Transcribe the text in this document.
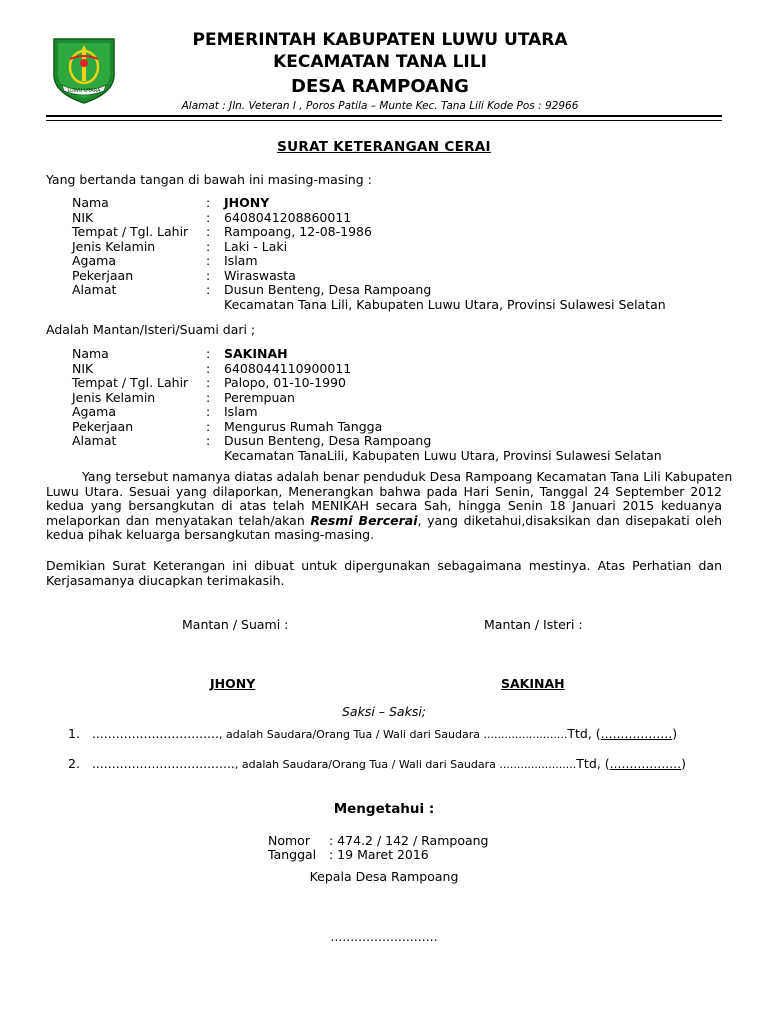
LUWU UTARA
PEMERINTAH KABUPATEN LUWU UTARA
KECAMATAN TANA LILI
DESA RAMPOANG
Alamat : Jln. Veteran I , Poros Patila – Munte Kec. Tana Lili Kode Pos : 92966
SURAT KETERANGAN CERAI
Yang bertanda tangan di bawah ini masing-masing :
Nama	: JHONY
NIK	: 6408041208860011
Tempat / Tgl. Lahir : Rampoang, 12-08-1986
Jenis Kelamin	: Laki - Laki
Agama	: Islam
Pekerjaan	: Wiraswasta
Alamat	: Dusun Benteng, Desa Rampoang
Kecamatan Tana Lili, Kabupaten Luwu Utara, Provinsi Sulawesi Selatan
Adalah Mantan/Isteri/Suami dari ;
Nama	: SAKINAH
NIK	: 6408044110900011
Tempat / Tgl. Lahir : Palopo, 01-10-1990
Jenis Kelamin	: Perempuan
Agama	: Islam
Pekerjaan	: Mengurus Rumah Tangga
Alamat	: Dusun Benteng, Desa Rampoang
Kecamatan TanaLili, Kabupaten Luwu Utara, Provinsi Sulawesi Selatan
Yang tersebut namanya diatas adalah benar penduduk Desa Rampoang Kecamatan Tana Lili Kabupaten
Luwu Utara. Sesuai yang dilaporkan, Menerangkan bahwa pada Hari Senin, Tanggal 24 September 2012
kedua yang bersangkutan di atas telah MENIKAH secara Sah, hingga Senin 18 Januari 2015 keduanya
melaporkan dan menyatakan telah/akan Resmi Bercerai, yang diketahui,disaksikan dan disepakati oleh
kedua pihak keluarga bersangkutan masing-masing.
Demikian Surat Keterangan ini dibuat untuk dipergunakan sebagaimana mestinya. Atas Perhatian dan
Kerjasamanya diucapkan terimakasih.
Mantan / Suami :	Mantan / Isteri :
JHONY	SAKINAH
Saksi – Saksi;
1. ................................, adalah Saudara/Orang Tua / Wali dari Saudara ........................Ttd, (..................)
2. ...................................., adalah Saudara/Orang Tua / Wali dari Saudara ......................Ttd, (..................)
Mengetahui :
Nomor : 474.2 / 142 / Rampoang
Tanggal : 19 Maret 2016
Kepala Desa Rampoang
...........................
